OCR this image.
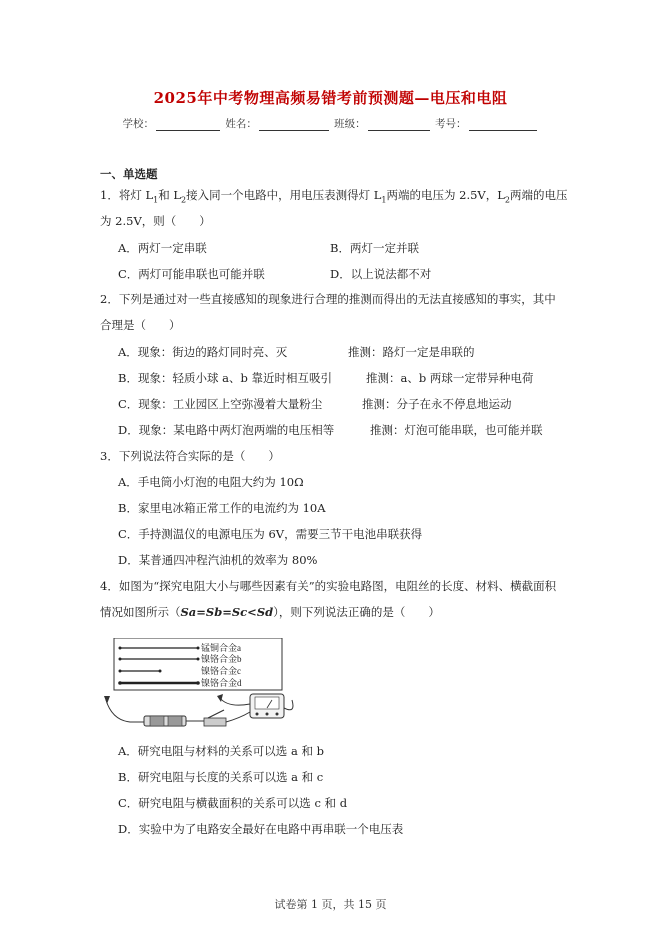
2025年中考物理高频易错考前预测题—电压和电阻
学校：	姓名：	班级：	考号：
一、单选题
1．将灯 $L_1$和 $L_2$接入同一个电路中，用电压表测得灯 $L_1$两端的电压为 2.5V，$L_2$两端的电压
为 2.5V，则（　　）
A．两灯一定串联	B．两灯一定并联
C．两灯可能串联也可能并联	D．以上说法都不对
2．下列是通过对一些直接感知的现象进行合理的推测而得出的无法直接感知的事实，其中
合理是（　　）
A．现象：街边的路灯同时亮、灭	推测：路灯一定是串联的
B．现象：轻质小球 a、b 靠近时相互吸引	推测：a、b 两球一定带异种电荷
C．现象：工业园区上空弥漫着大量粉尘	推测：分子在永不停息地运动
D．现象：某电路中两灯泡两端的电压相等	推测：灯泡可能串联，也可能并联
3．下列说法符合实际的是（　　）
A．手电筒小灯泡的电阻大约为 10Ω
B．家里电冰箱正常工作的电流约为 10A
C．手持测温仪的电源电压为 6V，需要三节干电池串联获得
D．某普通四冲程汽油机的效率为 80%
4．如图为“探究电阻大小与哪些因素有关”的实验电路图，电阻丝的长度、材料、横截面积
情况如图所示（Sa=Sb=Sc<Sd），则下列说法正确的是（　　）
锰铜合金a
镍铬合金b
镍铬合金c
镍铬合金d
A．研究电阻与材料的关系可以选 a 和 b
B．研究电阻与长度的关系可以选 a 和 c
C．研究电阻与横截面积的关系可以选 c 和 d
D．实验中为了电路安全最好在电路中再串联一个电压表
试卷第 1 页，共 15 页
